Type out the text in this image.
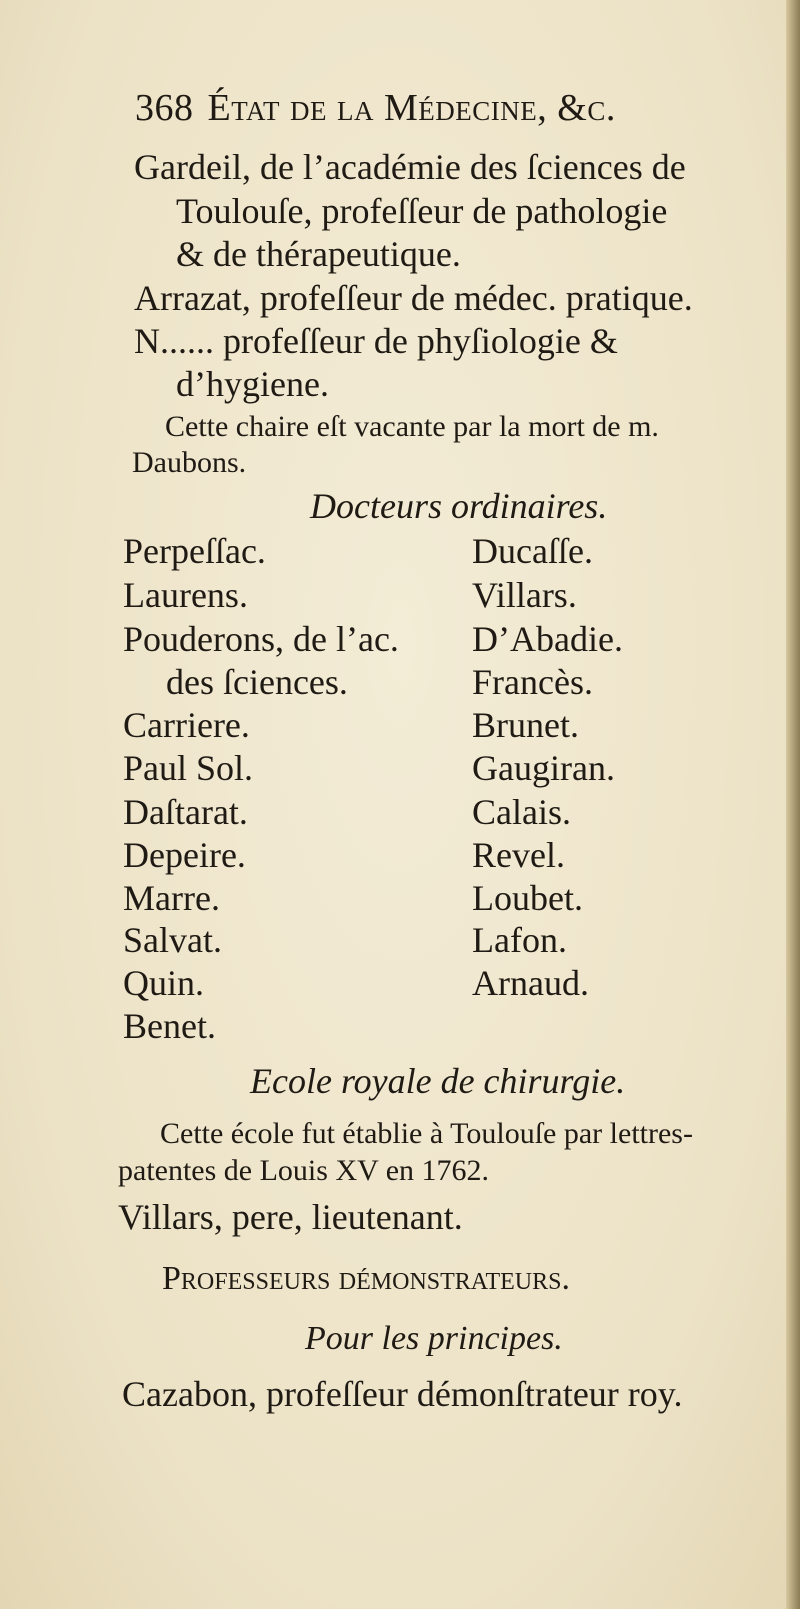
368 État de la Médecine, &c.
Gardeil, de l’académie des ſciences de
Toulouſe, profeſſeur de pathologie
& de thérapeutique.
Arrazat, profeſſeur de médec. pratique.
N...... profeſſeur de phyſiologie &
d’hygiene.
Cette chaire eſt vacante par la mort de m.
Daubons.
Docteurs ordinaires.
Perpeſſac.
Laurens.
Pouderons, de l’ac.
des ſciences.
Carriere.
Paul Sol.
Daſtarat.
Depeire.
Marre.
Salvat.
Quin.
Benet.
Ducaſſe.
Villars.
D’Abadie.
Francès.
Brunet.
Gaugiran.
Calais.
Revel.
Loubet.
Lafon.
Arnaud.
Ecole royale de chirurgie.
Cette école fut établie à Toulouſe par lettres-
patentes de Louis XV en 1762.
Villars, pere, lieutenant.
Professeurs démonstrateurs.
Pour les principes.
Cazabon, profeſſeur démonſtrateur roy.
